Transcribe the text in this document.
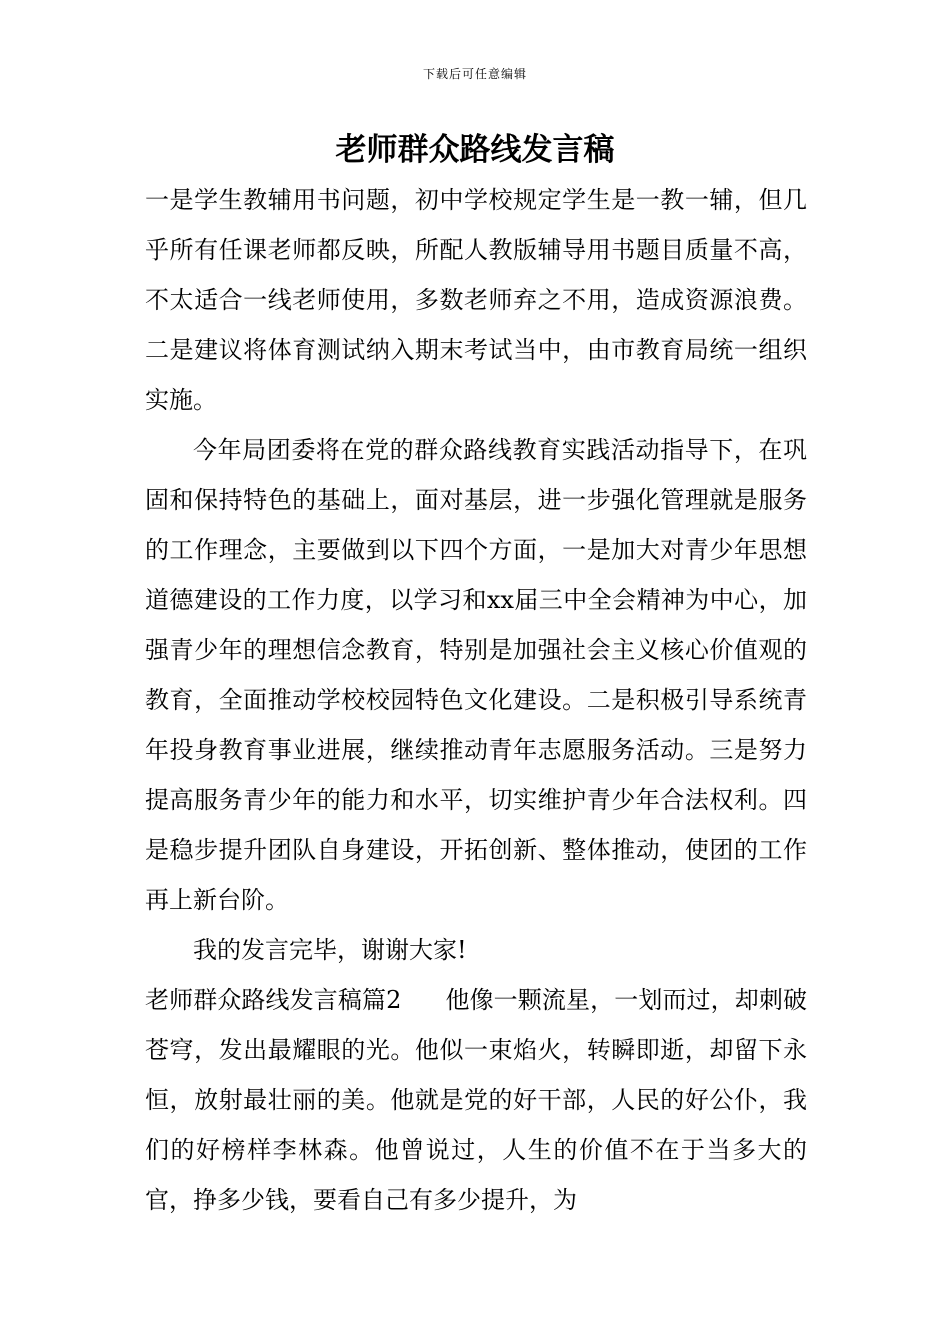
下载后可任意编辑
老师群众路线发言稿

一是学生教辅用书问题，初中学校规定学生是一教一辅，但几乎所有任课老师都反映，所配人教版辅导用书题目质量不高，不太适合一线老师使用，多数老师弃之不用，造成资源浪费。二是建议将体育测试纳入期末考试当中，由市教育局统一组织实施。

今年局团委将在党的群众路线教育实践活动指导下，在巩固和保持特色的基础上，面对基层，进一步强化管理就是服务的工作理念，主要做到以下四个方面，一是加大对青少年思想道德建设的工作力度，以学习和xx届三中全会精神为中心，加强青少年的理想信念教育，特别是加强社会主义核心价值观的教育，全面推动学校校园特色文化建设。二是积极引导系统青年投身教育事业进展，继续推动青年志愿服务活动。三是努力提高服务青少年的能力和水平，切实维护青少年合法权利。四是稳步提升团队自身建设，开拓创新、整体推动，使团的工作再上新台阶。

我的发言完毕，谢谢大家!

老师群众路线发言稿篇2 他像一颗流星，一划而过，却刺破苍穹，发出最耀眼的光。他似一束焰火，转瞬即逝，却留下永恒，放射最壮丽的美。他就是党的好干部，人民的好公仆，我们的好榜样李林森。他曾说过，人生的价值不在于当多大的官，挣多少钱，要看自己有多少提升，为
